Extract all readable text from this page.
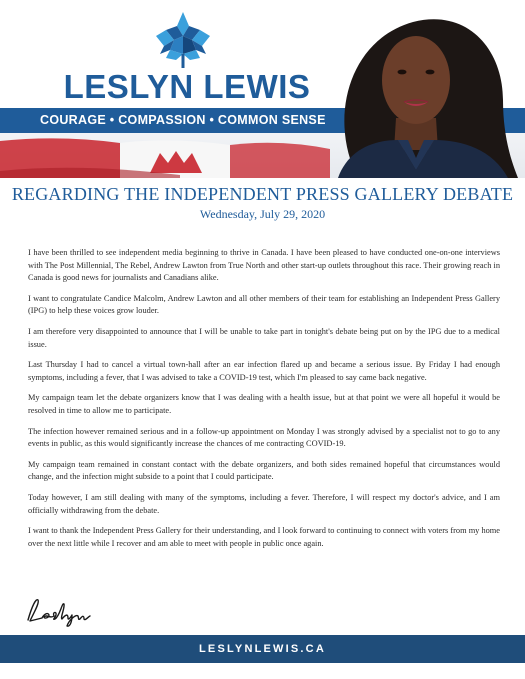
LESLYN LEWIS
COURAGE • COMPASSION • COMMON SENSE
REGARDING THE INDEPENDENT PRESS GALLERY DEBATE
Wednesday, July 29, 2020

I have been thrilled to see independent media beginning to thrive in Canada. I have been pleased to have conducted one-on-one interviews with The Post Millennial, The Rebel, Andrew Lawton from True North and other start-up outlets throughout this race. Their growing reach in Canada is good news for journalists and Canadians alike.

I want to congratulate Candice Malcolm, Andrew Lawton and all other members of their team for establishing an Independent Press Gallery (IPG) to help these voices grow louder.

I am therefore very disappointed to announce that I will be unable to take part in tonight's debate being put on by the IPG due to a medical issue.

Last Thursday I had to cancel a virtual town-hall after an ear infection flared up and became a serious issue. By Friday I had enough symptoms, including a fever, that I was advised to take a COVID-19 test, which I'm pleased to say came back negative.

My campaign team let the debate organizers know that I was dealing with a health issue, but at that point we were all hopeful it would be resolved in time to allow me to participate.

The infection however remained serious and in a follow-up appointment on Monday I was strongly advised by a specialist not to go to any events in public, as this would significantly increase the chances of me contracting COVID-19.

My campaign team remained in constant contact with the debate organizers, and both sides remained hopeful that circumstances would change, and the infection might subside to a point that I could participate.

Today however, I am still dealing with many of the symptoms, including a fever. Therefore, I will respect my doctor's advice, and I am officially withdrawing from the debate.

I want to thank the Independent Press Gallery for their understanding, and I look forward to continuing to connect with voters from my home over the next little while I recover and am able to meet with people in public once again.

LESLYNLEWIS.CA
